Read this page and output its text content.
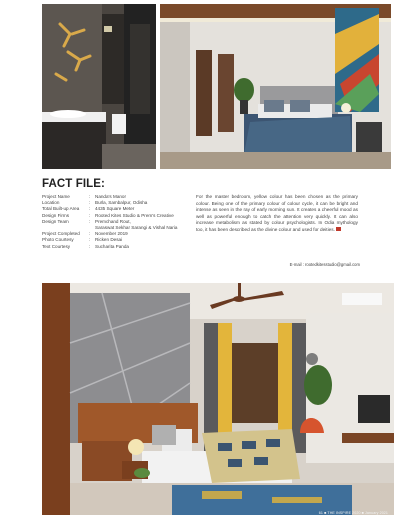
FACT FILE:
Project Name	:	Nanda's Manor
Location	:	Burla, Sambalpur, Odisha
Total Built-up Area	:	4435 Square Meter
Design Firms	:	Rooted Kites Studio & Prem's Creative
Design Team	:	Premchand Rout,
Saraswat Sekhar Sarangi & Vishal Naria
Project Completed	:	November 2019
Photo Courtesy	:	Ricken Desai
Text Courtesy	:	Sucharita Panda
For the master bedroom, yellow colour has been chosen as the primary colour. Being one of the primary colour of colour cycle, it can be bright and intense as seen in the ray of early morning sun. It creates a cheerful mood as well as powerful enough to catch the attention very quickly. It can also increase metabolism as stated by colour psychologists. In Odia mythology too, it has been described as the divine colour and used for deities.
E-mail : rootedkitesstudio@gmail.com
61 ■ THE INSPIRE 2020 ■ January 2021
